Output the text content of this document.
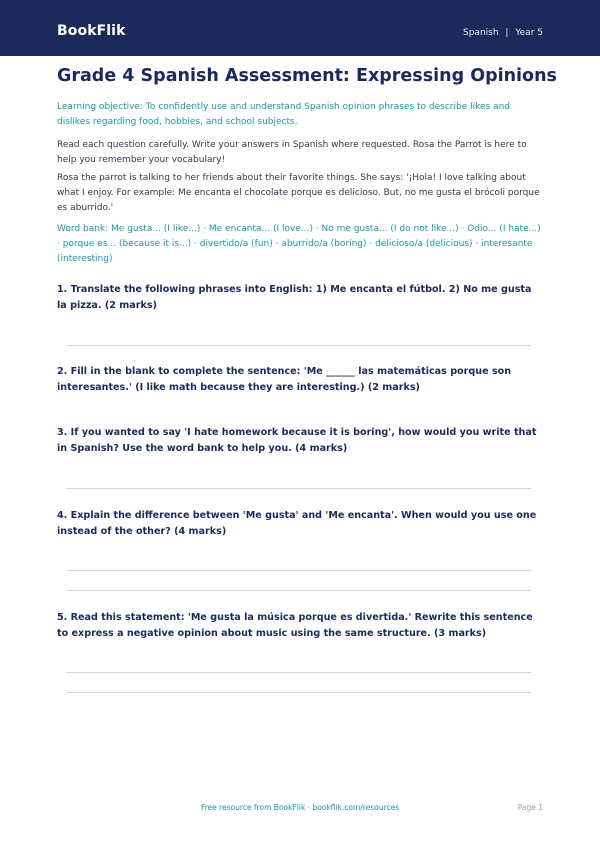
BookFlik	Spanish | Year 5
Grade 4 Spanish Assessment: Expressing Opinions

Learning objective: To confidently use and understand Spanish opinion phrases to describe likes and dislikes regarding food, hobbies, and school subjects.

Read each question carefully. Write your answers in Spanish where requested. Rosa the Parrot is here to help you remember your vocabulary!

Rosa the parrot is talking to her friends about their favorite things. She says: '¡Hola! I love talking about what I enjoy. For example: Me encanta el chocolate porque es delicioso. But, no me gusta el brócoli porque es aburrido.'

Word bank: Me gusta... (I like...) · Me encanta... (I love...) · No me gusta... (I do not like...) · Odio... (I hate...) · porque es... (because it is...) · divertido/a (fun) · aburrido/a (boring) · delicioso/a (delicious) · interesante (interesting)

1. Translate the following phrases into English: 1) Me encanta el fútbol. 2) No me gusta la pizza. (2 marks)

2. Fill in the blank to complete the sentence: 'Me ______ las matemáticas porque son interesantes.' (I like math because they are interesting.) (2 marks)

3. If you wanted to say 'I hate homework because it is boring', how would you write that in Spanish? Use the word bank to help you. (4 marks)

4. Explain the difference between 'Me gusta' and 'Me encanta'. When would you use one instead of the other? (4 marks)

5. Read this statement: 'Me gusta la música porque es divertida.' Rewrite this sentence to express a negative opinion about music using the same structure. (3 marks)

Free resource from BookFlik · bookflik.com/resources	Page 1
